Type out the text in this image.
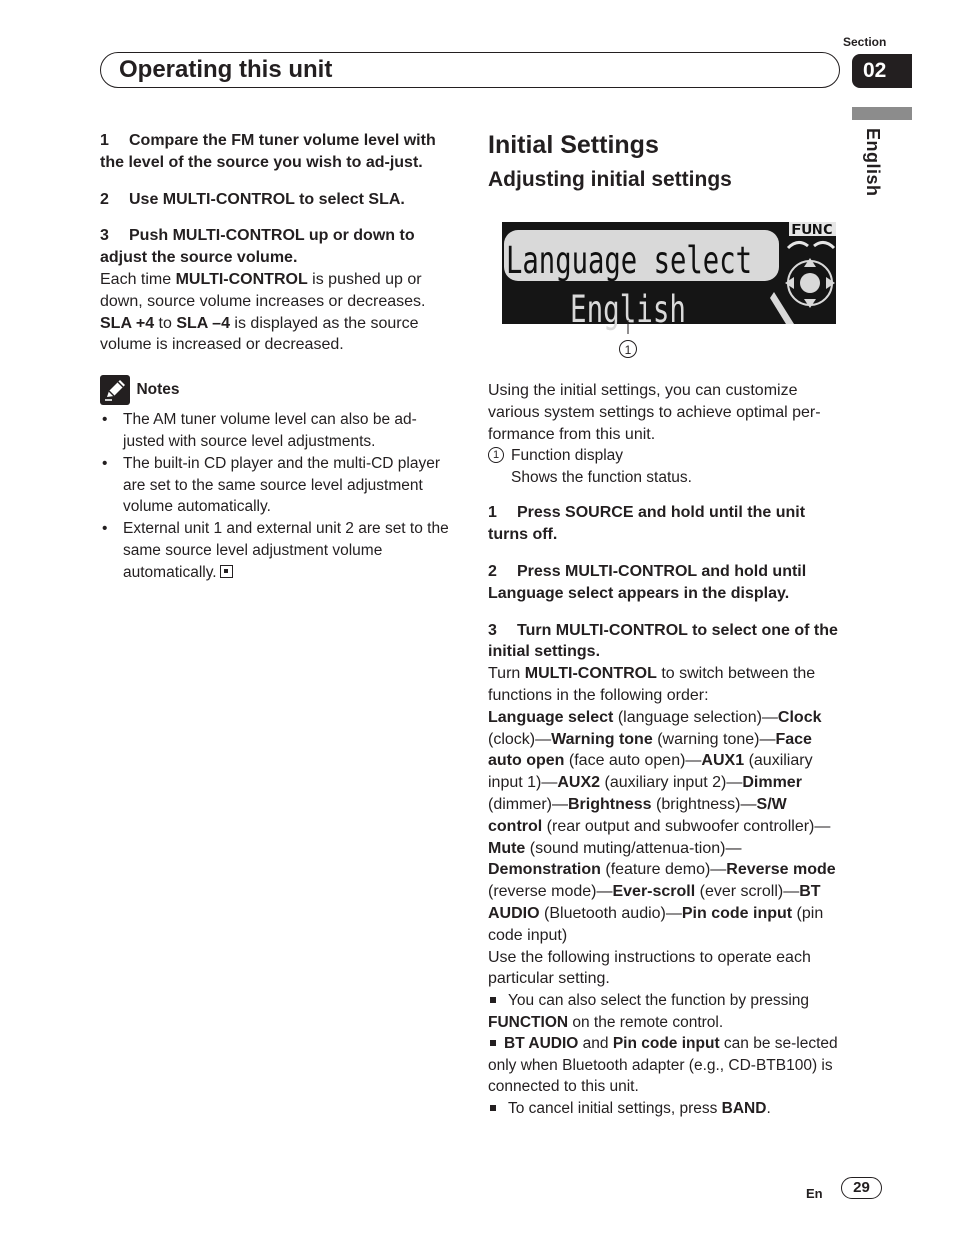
Section
02
Operating this unit
English

1 Compare the FM tuner volume level with the level of the source you wish to ad-just.

2 Use MULTI-CONTROL to select SLA.

3 Push MULTI-CONTROL up or down to adjust the source volume.

Each time MULTI-CONTROL is pushed up or down, source volume increases or decreases. SLA +4 to SLA –4 is displayed as the source volume is increased or decreased.

Notes
• The AM tuner volume level can also be ad-justed with source level adjustments.
• The built-in CD player and the multi-CD player are set to the same source level adjustment volume automatically.
• External unit 1 and external unit 2 are set to the same source level adjustment volume automatically.

Initial Settings

Adjusting initial settings

Language select
English
FUNC
1

Using the initial settings, you can customize various system settings to achieve optimal per-formance from this unit.

1 Function display
Shows the function status.

1 Press SOURCE and hold until the unit turns off.

2 Press MULTI-CONTROL and hold until Language select appears in the display.

3 Turn MULTI-CONTROL to select one of the initial settings.

Turn MULTI-CONTROL to switch between the functions in the following order:

Language select (language selection)—Clock (clock)—Warning tone (warning tone)—Face auto open (face auto open)—AUX1 (auxiliary input 1)—AUX2 (auxiliary input 2)—Dimmer (dimmer)—Brightness (brightness)—S/W control (rear output and subwoofer controller)—Mute (sound muting/attenua-tion)—Demonstration (feature demo)—Reverse mode (reverse mode)—Ever-scroll (ever scroll)—BT AUDIO (Bluetooth audio)—Pin code input (pin code input)

Use the following instructions to operate each particular setting.

You can also select the function by pressing FUNCTION on the remote control.
BT AUDIO and Pin code input can be se-lected only when Bluetooth adapter (e.g., CD-BTB100) is connected to this unit.
To cancel initial settings, press BAND.
En	29
